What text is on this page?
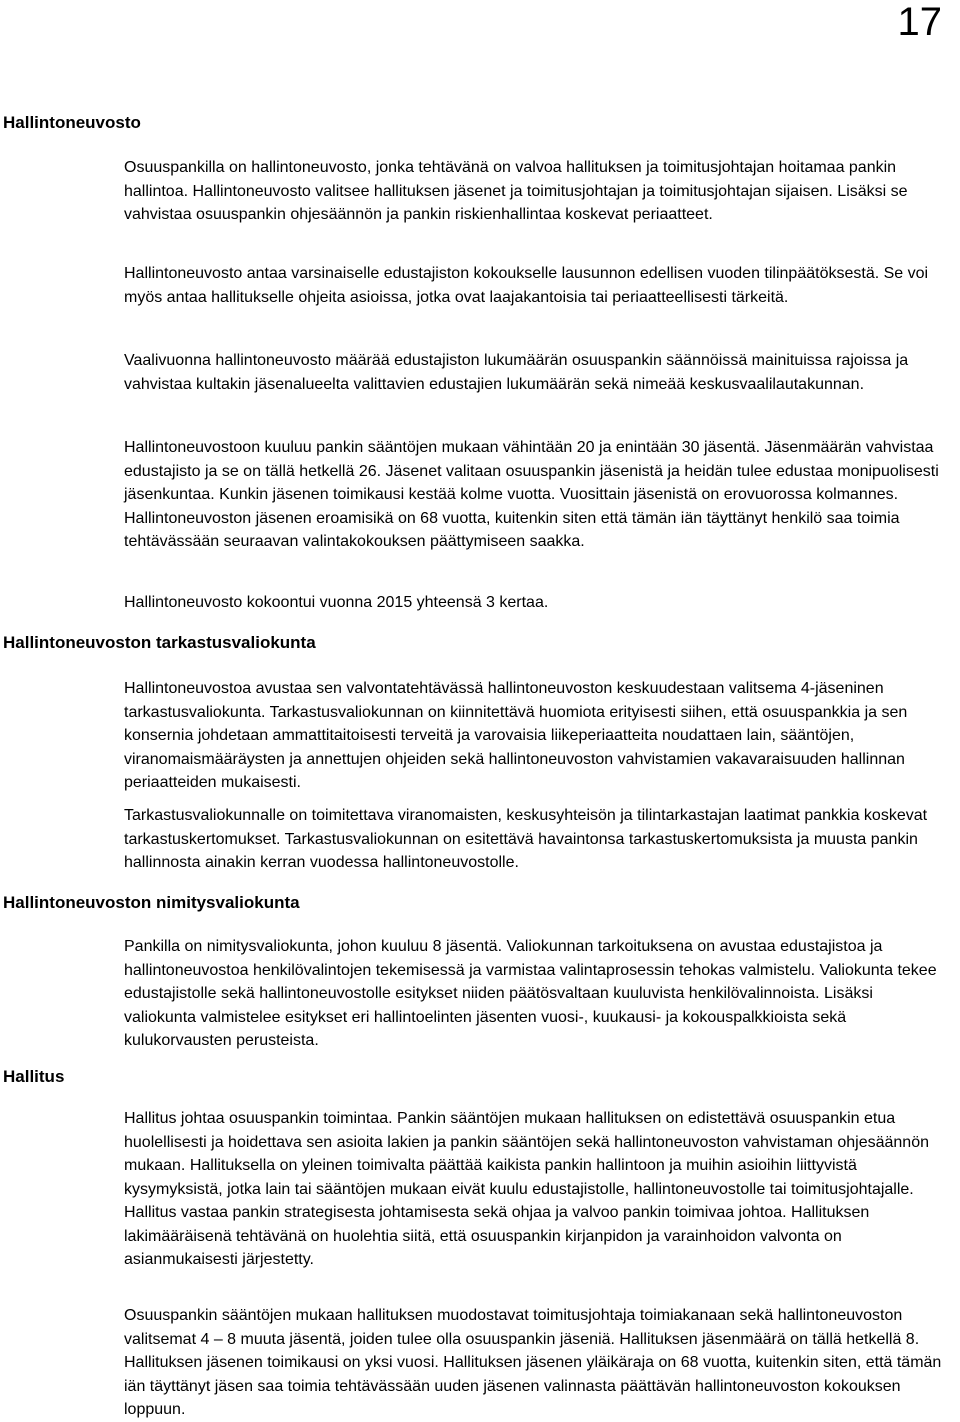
17
Hallintoneuvosto

Osuuspankilla on hallintoneuvosto, jonka tehtävänä on valvoa hallituksen ja toimitusjohtajan hoitamaa pankin hallintoa. Hallintoneuvosto valitsee hallituksen jäsenet ja toimitusjohtajan ja toimitusjohtajan sijaisen. Lisäksi se vahvistaa osuuspankin ohjesäännön ja pankin riskienhallintaa koskevat periaatteet.

Hallintoneuvosto antaa varsinaiselle edustajiston kokoukselle lausunnon edellisen vuoden tilinpäätöksestä. Se voi myös antaa hallitukselle ohjeita asioissa, jotka ovat laajakantoisia tai periaatteellisesti tärkeitä.

Vaalivuonna hallintoneuvosto määrää edustajiston lukumäärän osuuspankin säännöissä mainituissa rajoissa ja vahvistaa kultakin jäsenalueelta valittavien edustajien lukumäärän sekä nimeää keskusvaalilautakunnan.

Hallintoneuvostoon kuuluu pankin sääntöjen mukaan vähintään 20 ja enintään 30 jäsentä. Jäsenmäärän vahvistaa edustajisto ja se on tällä hetkellä 26. Jäsenet valitaan osuuspankin jäsenistä ja heidän tulee edustaa monipuolisesti jäsenkuntaa. Kunkin jäsenen toimikausi kestää kolme vuotta. Vuosittain jäsenistä on erovuorossa kolmannes. Hallintoneuvoston jäsenen eroamisikä on 68 vuotta, kuitenkin siten että tämän iän täyttänyt henkilö saa toimia tehtävässään seuraavan valintakokouksen päättymiseen saakka.

Hallintoneuvosto kokoontui vuonna 2015 yhteensä 3 kertaa.

Hallintoneuvoston tarkastusvaliokunta

Hallintoneuvostoa avustaa sen valvontatehtävässä hallintoneuvoston keskuudestaan valitsema 4-jäseninen tarkastusvaliokunta. Tarkastusvaliokunnan on kiinnitettävä huomiota erityisesti siihen, että osuuspankkia ja sen konsernia johdetaan ammattitaitoisesti terveitä ja varovaisia liikeperiaatteita noudattaen lain, sääntöjen, viranomaismääräysten ja annettujen ohjeiden sekä hallintoneuvoston vahvistamien vakavaraisuuden hallinnan periaatteiden mukaisesti.

Tarkastusvaliokunnalle on toimitettava viranomaisten, keskusyhteisön ja tilintarkastajan laatimat pankkia koskevat tarkastuskertomukset. Tarkastusvaliokunnan on esitettävä havaintonsa tarkastuskertomuksista ja muusta pankin hallinnosta ainakin kerran vuodessa hallintoneuvostolle.

Hallintoneuvoston nimitysvaliokunta

Pankilla on nimitysvaliokunta, johon kuuluu 8 jäsentä. Valiokunnan tarkoituksena on avustaa edustajistoa ja hallintoneuvostoa henkilövalintojen tekemisessä ja varmistaa valintaprosessin tehokas valmistelu. Valiokunta tekee edustajistolle sekä hallintoneuvostolle esitykset niiden päätösvaltaan kuuluvista henkilövalinnoista. Lisäksi valiokunta valmistelee esitykset eri hallintoelinten jäsenten vuosi-, kuukausi- ja kokouspalkkioista sekä kulukorvausten perusteista.

Hallitus

Hallitus johtaa osuuspankin toimintaa. Pankin sääntöjen mukaan hallituksen on edistettävä osuuspankin etua huolellisesti ja hoidettava sen asioita lakien ja pankin sääntöjen sekä hallintoneuvoston vahvistaman ohjesäännön mukaan. Hallituksella on yleinen toimivalta päättää kaikista pankin hallintoon ja muihin asioihin liittyvistä kysymyksistä, jotka lain tai sääntöjen mukaan eivät kuulu edustajistolle, hallintoneuvostolle tai toimitusjohtajalle. Hallitus vastaa pankin strategisesta johtamisesta sekä ohjaa ja valvoo pankin toimivaa johtoa. Hallituksen lakimääräisenä tehtävänä on huolehtia siitä, että osuuspankin kirjanpidon ja varainhoidon valvonta on asianmukaisesti järjestetty.

Osuuspankin sääntöjen mukaan hallituksen muodostavat toimitusjohtaja toimiakanaan sekä hallintoneuvoston valitsemat 4 – 8 muuta jäsentä, joiden tulee olla osuuspankin jäseniä. Hallituksen jäsenmäärä on tällä hetkellä 8. Hallituksen jäsenen toimikausi on yksi vuosi. Hallituksen jäsenen yläikäraja on 68 vuotta, kuitenkin siten, että tämän iän täyttänyt jäsen saa toimia tehtävässään uuden jäsenen valinnasta päättävän hallintoneuvoston kokouksen loppuun.
